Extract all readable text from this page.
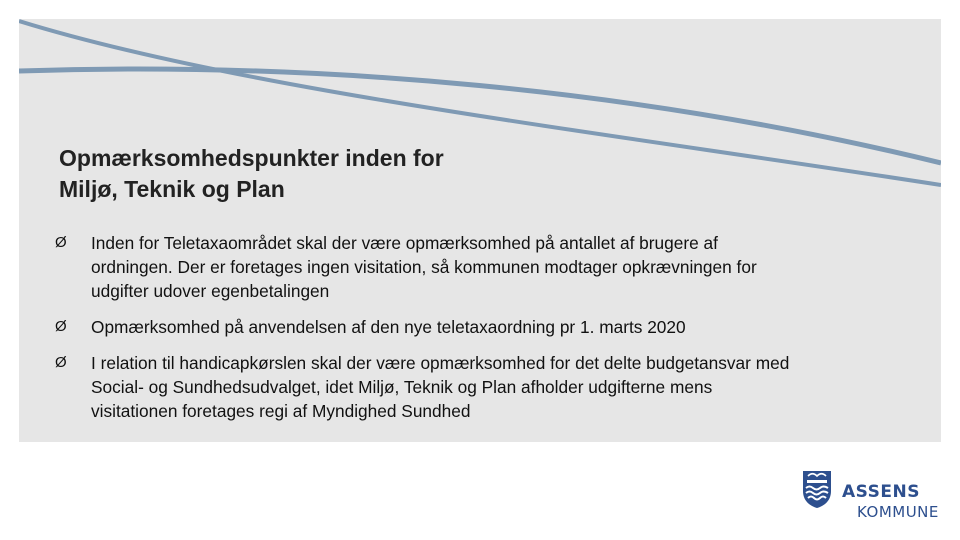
Opmærksomhedspunkter inden for
Miljø, Teknik og Plan
Ø Inden for Teletaxaområdet skal der være opmærksomhed på antallet af brugere af
ordningen. Der er foretages ingen visitation, så kommunen modtager opkrævningen for
udgifter udover egenbetalingen
Ø Opmærksomhed på anvendelsen af den nye teletaxaordning pr 1. marts 2020
Ø I relation til handicapkørslen skal der være opmærksomhed for det delte budgetansvar med
Social- og Sundhedsudvalget, idet Miljø, Teknik og Plan afholder udgifterne mens
visitationen foretages regi af Myndighed Sundhed
ASSENS
KOMMUNE
